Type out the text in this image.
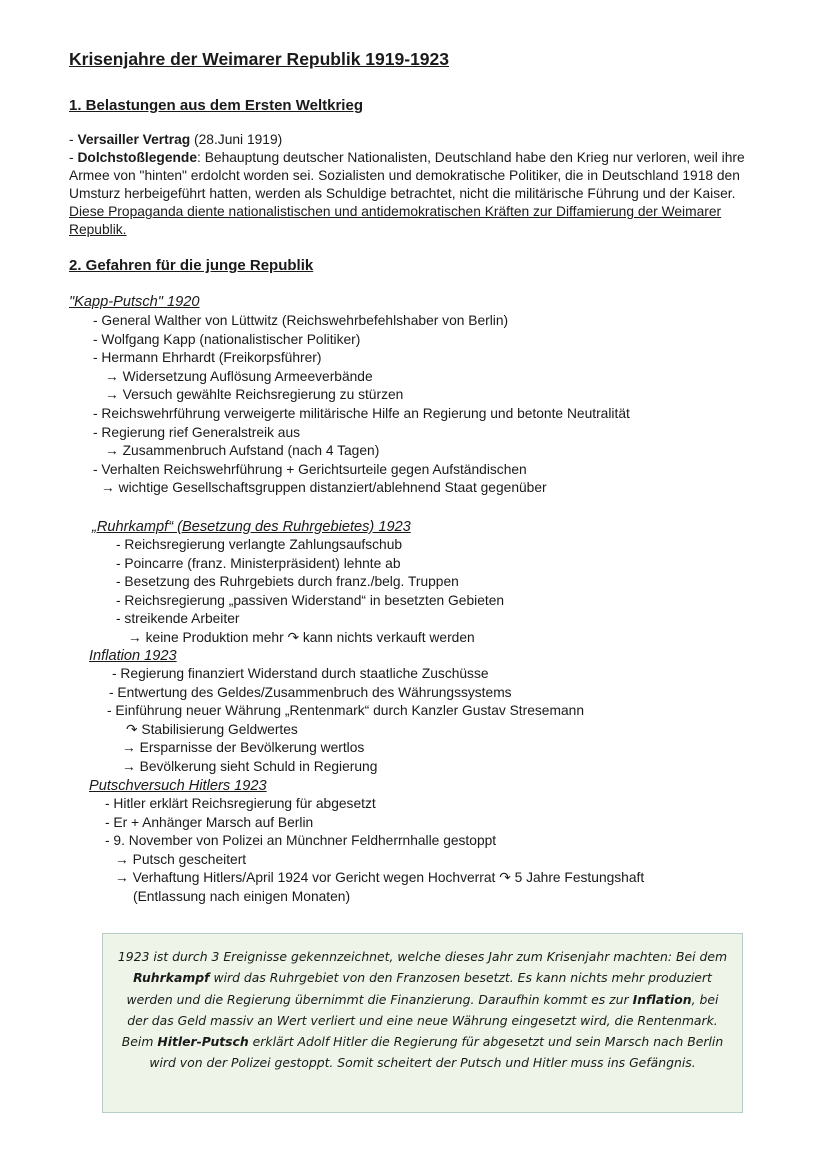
Krisenjahre der Weimarer Republik 1919-1923
1. Belastungen aus dem Ersten Weltkrieg

- Versailler Vertrag (28.Juni 1919)

- Dolchstoßlegende: Behauptung deutscher Nationalisten, Deutschland habe den Krieg nur verloren, weil ihre Armee von "hinten" erdolcht worden sei. Sozialisten und demokratische Politiker, die in Deutschland 1918 den Umsturz herbeigeführt hatten, werden als Schuldige betrachtet, nicht die militärische Führung und der Kaiser. Diese Propaganda diente nationalistischen und antidemokratischen Kräften zur Diffamierung der Weimarer Republik.

2. Gefahren für die junge Republik

"Kapp-Putsch" 1920

- General Walther von Lüttwitz (Reichswehrbefehlshaber von Berlin)
- Wolfgang Kapp (nationalistischer Politiker)
- Hermann Ehrhardt (Freikorpsführer)
→ Widersetzung Auflösung Armeeverbände
→ Versuch gewählte Reichsregierung zu stürzen
- Reichswehrführung verweigerte militärische Hilfe an Regierung und betonte Neutralität
- Regierung rief Generalstreik aus
→ Zusammenbruch Aufstand (nach 4 Tagen)
- Verhalten Reichswehrführung + Gerichtsurteile gegen Aufständischen
→ wichtige Gesellschaftsgruppen distanziert/ablehnend Staat gegenüber

„Ruhrkampf“ (Besetzung des Ruhrgebietes) 1923

- Reichsregierung verlangte Zahlungsaufschub
- Poincarre (franz. Ministerpräsident) lehnte ab
- Besetzung des Ruhrgebiets durch franz./belg. Truppen
- Reichsregierung „passiven Widerstand“ in besetzten Gebieten
- streikende Arbeiter
→ keine Produktion mehr ↷ kann nichts verkauft werden

Inflation 1923

- Regierung finanziert Widerstand durch staatliche Zuschüsse
- Entwertung des Geldes/Zusammenbruch des Währungssystems
- Einführung neuer Währung „Rentenmark“ durch Kanzler Gustav Stresemann
↷ Stabilisierung Geldwertes
→ Ersparnisse der Bevölkerung wertlos
→ Bevölkerung sieht Schuld in Regierung

Putschversuch Hitlers 1923

- Hitler erklärt Reichsregierung für abgesetzt
- Er + Anhänger Marsch auf Berlin
- 9. November von Polizei an Münchner Feldherrnhalle gestoppt
→ Putsch gescheitert
→ Verhaftung Hitlers/April 1924 vor Gericht wegen Hochverrat ↷ 5 Jahre Festungshaft
(Entlassung nach einigen Monaten)
1923 ist durch 3 Ereignisse gekennzeichnet, welche dieses Jahr zum Krisenjahr machten: Bei dem Ruhrkampf wird das Ruhrgebiet von den Franzosen besetzt. Es kann nichts mehr produziert werden und die Regierung übernimmt die Finanzierung. Daraufhin kommt es zur Inflation, bei der das Geld massiv an Wert verliert und eine neue Währung eingesetzt wird, die Rentenmark. Beim Hitler-Putsch erklärt Adolf Hitler die Regierung für abgesetzt und sein Marsch nach Berlin wird von der Polizei gestoppt. Somit scheitert der Putsch und Hitler muss ins Gefängnis.
